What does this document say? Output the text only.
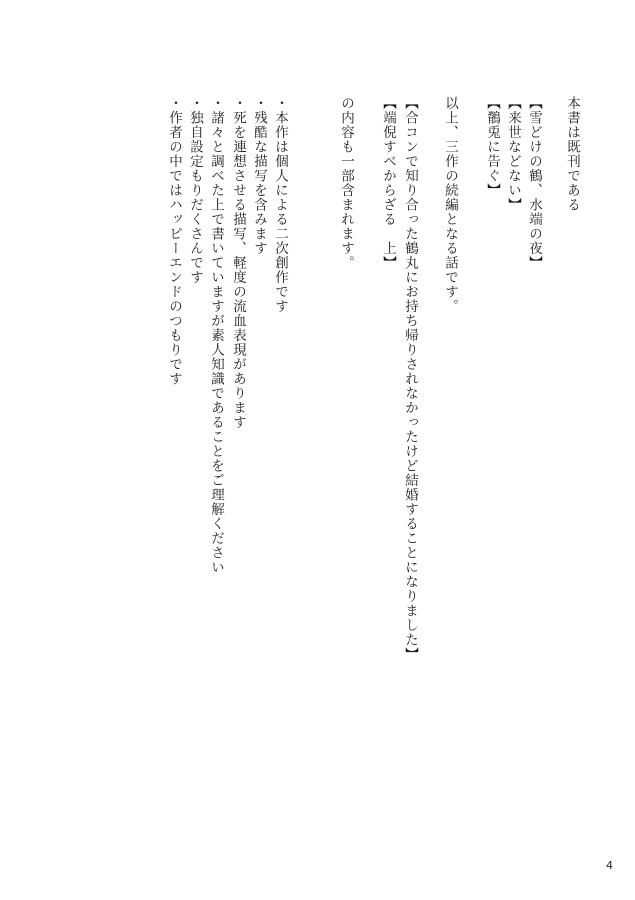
本書は既刊である

【雪どけの鶴、水端の夜】

【来世などない】

【鶺兎に告ぐ】

以上、三作の続編となる話です。

【合コンで知り合った鶴丸にお持ち帰りされなかったけど結婚することになりました】

【端倪すべからざる　上】

の内容も一部含まれます。

・本作は個人による二次創作です

・残酷な描写を含みます

・死を連想させる描写、軽度の流血表現があります

・諸々と調べた上で書いていますが素人知識であることをご理解ください

・独自設定もりだくさんです

・作者の中ではハッピーエンドのつもりです

4
